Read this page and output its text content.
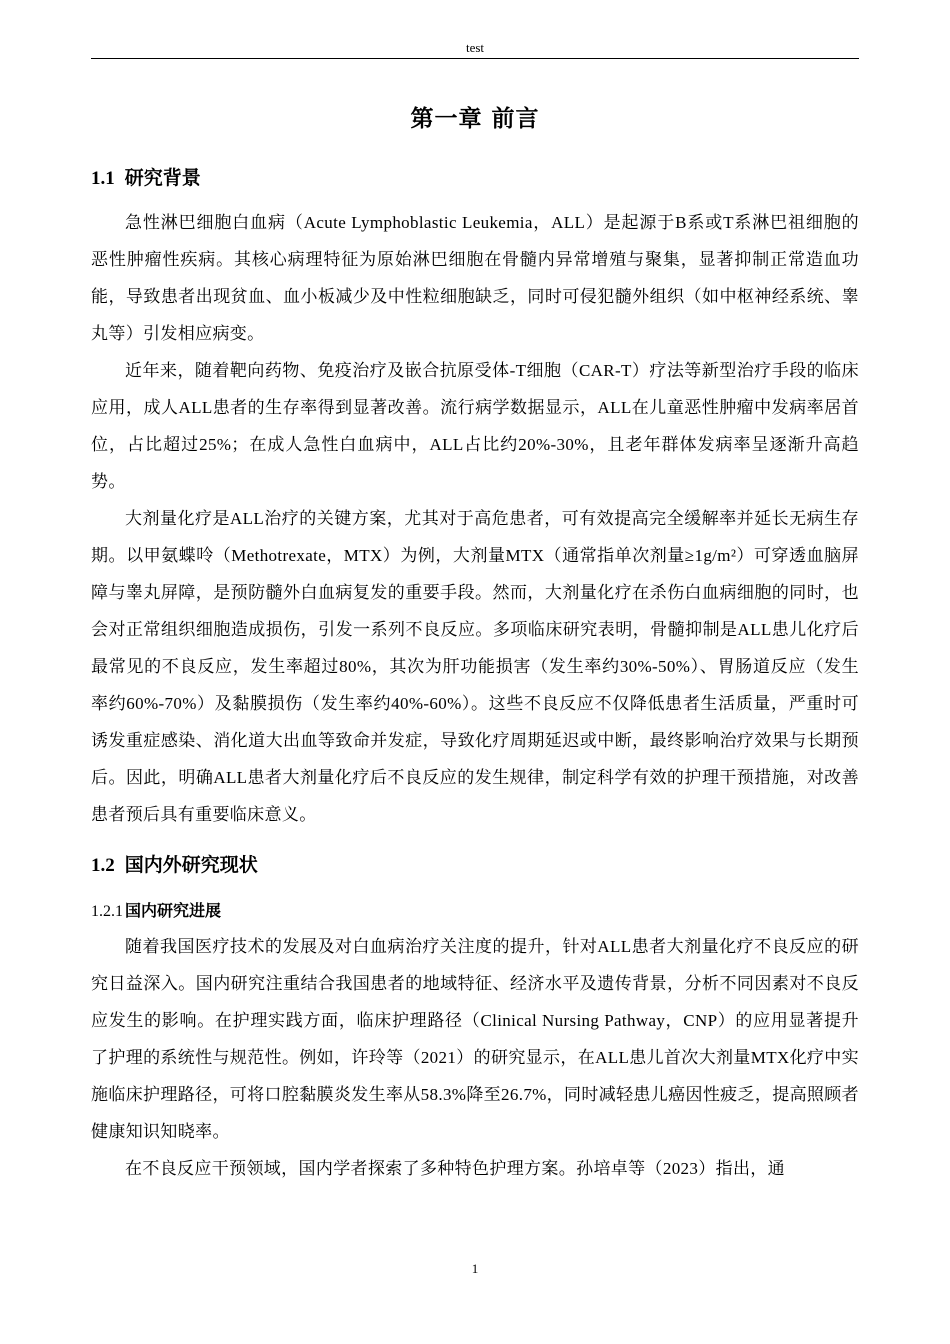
test
第一章 前言
1.1 研究背景

急性淋巴细胞白血病（Acute Lymphoblastic Leukemia，ALL）是起源于B系或T系淋巴祖细胞的恶性肿瘤性疾病。其核心病理特征为原始淋巴细胞在骨髓内异常增殖与聚集，显著抑制正常造血功能，导致患者出现贫血、血小板减少及中性粒细胞缺乏，同时可侵犯髓外组织（如中枢神经系统、睾丸等）引发相应病变。

近年来，随着靶向药物、免疫治疗及嵌合抗原受体-T细胞（CAR-T）疗法等新型治疗手段的临床应用，成人ALL患者的生存率得到显著改善。流行病学数据显示，ALL在儿童恶性肿瘤中发病率居首位，占比超过25%；在成人急性白血病中，ALL占比约20%-30%，且老年群体发病率呈逐渐升高趋势。

大剂量化疗是ALL治疗的关键方案，尤其对于高危患者，可有效提高完全缓解率并延长无病生存期。以甲氨蝶呤（Methotrexate，MTX）为例，大剂量MTX（通常指单次剂量≥1g/m²）可穿透血脑屏障与睾丸屏障，是预防髓外白血病复发的重要手段。然而，大剂量化疗在杀伤白血病细胞的同时，也会对正常组织细胞造成损伤，引发一系列不良反应。多项临床研究表明，骨髓抑制是ALL患儿化疗后最常见的不良反应，发生率超过80%，其次为肝功能损害（发生率约30%-50%）、胃肠道反应（发生率约60%-70%）及黏膜损伤（发生率约40%-60%）。这些不良反应不仅降低患者生活质量，严重时可诱发重症感染、消化道大出血等致命并发症，导致化疗周期延迟或中断，最终影响治疗效果与长期预后。因此，明确ALL患者大剂量化疗后不良反应的发生规律，制定科学有效的护理干预措施，对改善患者预后具有重要临床意义。

1.2 国内外研究现状
1.2.1 国内研究进展

随着我国医疗技术的发展及对白血病治疗关注度的提升，针对ALL患者大剂量化疗不良反应的研究日益深入。国内研究注重结合我国患者的地域特征、经济水平及遗传背景，分析不同因素对不良反应发生的影响。在护理实践方面，临床护理路径（Clinical Nursing Pathway，CNP）的应用显著提升了护理的系统性与规范性。例如，许玲等（2021）的研究显示，在ALL患儿首次大剂量MTX化疗中实施临床护理路径，可将口腔黏膜炎发生率从58.3%降至26.7%，同时减轻患儿癌因性疲乏，提高照顾者健康知识知晓率。

在不良反应干预领域，国内学者探索了多种特色护理方案。孙培卓等（2023）指出，通

1
